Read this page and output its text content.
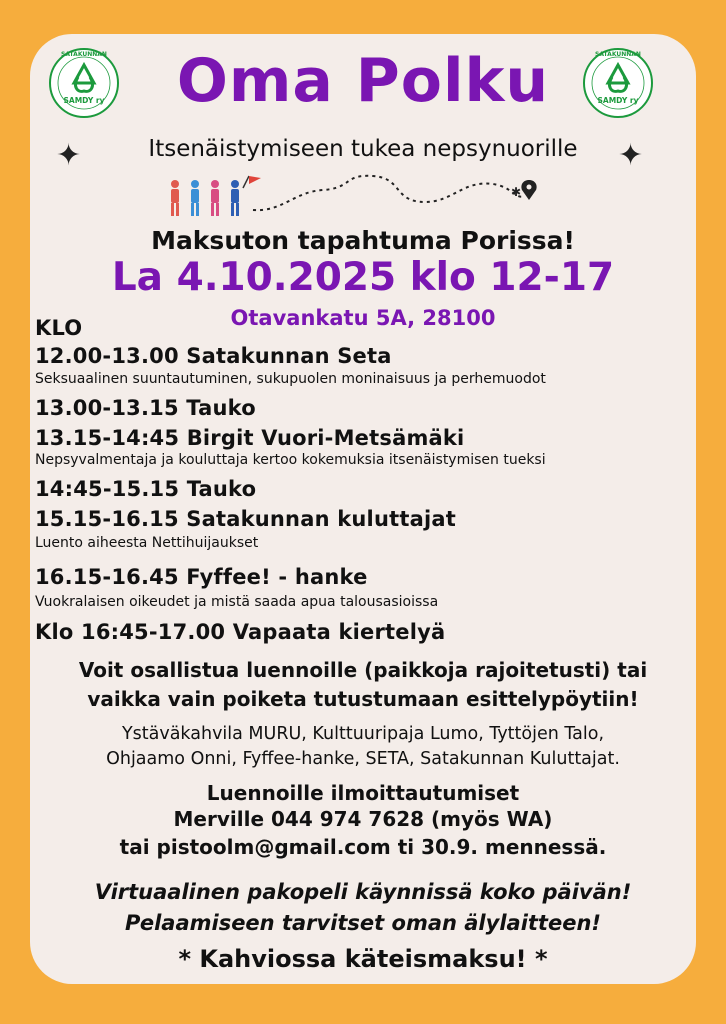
SATAKUNNAN
SAMDY ry
SATAKUNNAN
SAMDY ry
Oma Polku
✦	Itsenäistymiseen tukea nepsynuorille	✦
✱
Maksuton tapahtuma Porissa!
La 4.10.2025 klo 12-17
Otavankatu 5A, 28100
KLO
12.00-13.00 Satakunnan Seta
Seksuaalinen suuntautuminen, sukupuolen moninaisuus ja perhemuodot
13.00-13.15 Tauko
13.15-14:45 Birgit Vuori-Metsämäki
Nepsyvalmentaja ja kouluttaja kertoo kokemuksia itsenäistymisen tueksi
14:45-15.15 Tauko
15.15-16.15 Satakunnan kuluttajat
Luento aiheesta Nettihuijaukset
16.15-16.45 Fyffee! - hanke
Vuokralaisen oikeudet ja mistä saada apua talousasioissa
Klo 16:45-17.00 Vapaata kiertelyä
Voit osallistua luennoille (paikkoja rajoitetusti) tai
vaikka vain poiketa tutustumaan esittelypöytiin!
Ystäväkahvila MURU, Kulttuuripaja Lumo, Tyttöjen Talo,
Ohjaamo Onni, Fyffee-hanke, SETA, Satakunnan Kuluttajat.
Luennoille ilmoittautumiset
Merville 044 974 7628 (myös WA)
tai pistoolm@gmail.com ti 30.9. mennessä.
Virtuaalinen pakopeli käynnissä koko päivän!
Pelaamiseen tarvitset oman älylaitteen!
* Kahviossa käteismaksu! *
